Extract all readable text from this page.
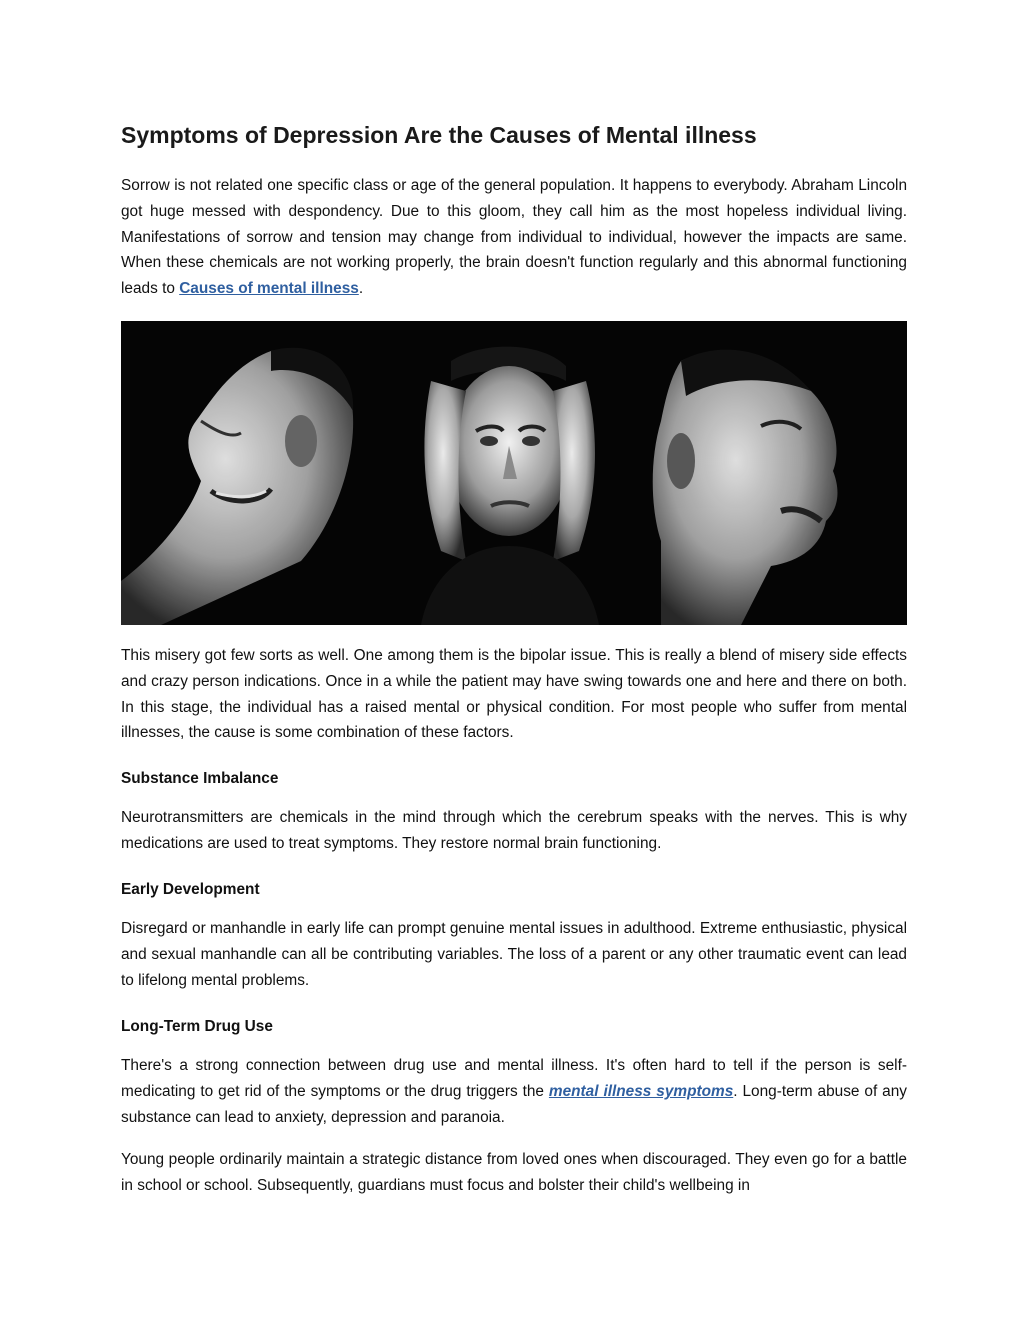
Symptoms of Depression Are the Causes of Mental illness

Sorrow is not related one specific class or age of the general population. It happens to everybody. Abraham Lincoln got huge messed with despondency. Due to this gloom, they call him as the most hopeless individual living. Manifestations of sorrow and tension may change from individual to individual, however the impacts are same. When these chemicals are not working properly, the brain doesn't function regularly and this abnormal functioning leads to Causes of mental illness.

This misery got few sorts as well. One among them is the bipolar issue. This is really a blend of misery side effects and crazy person indications. Once in a while the patient may have swing towards one and here and there on both. In this stage, the individual has a raised mental or physical condition. For most people who suffer from mental illnesses, the cause is some combination of these factors.

Substance Imbalance

Neurotransmitters are chemicals in the mind through which the cerebrum speaks with the nerves. This is why medications are used to treat symptoms. They restore normal brain functioning.

Early Development

Disregard or manhandle in early life can prompt genuine mental issues in adulthood. Extreme enthusiastic, physical and sexual manhandle can all be contributing variables. The loss of a parent or any other traumatic event can lead to lifelong mental problems.

Long-Term Drug Use

There's a strong connection between drug use and mental illness. It's often hard to tell if the person is self-medicating to get rid of the symptoms or the drug triggers the mental illness symptoms. Long-term abuse of any substance can lead to anxiety, depression and paranoia.

Young people ordinarily maintain a strategic distance from loved ones when discouraged. They even go for a battle in school or school. Subsequently, guardians must focus and bolster their child's wellbeing in
